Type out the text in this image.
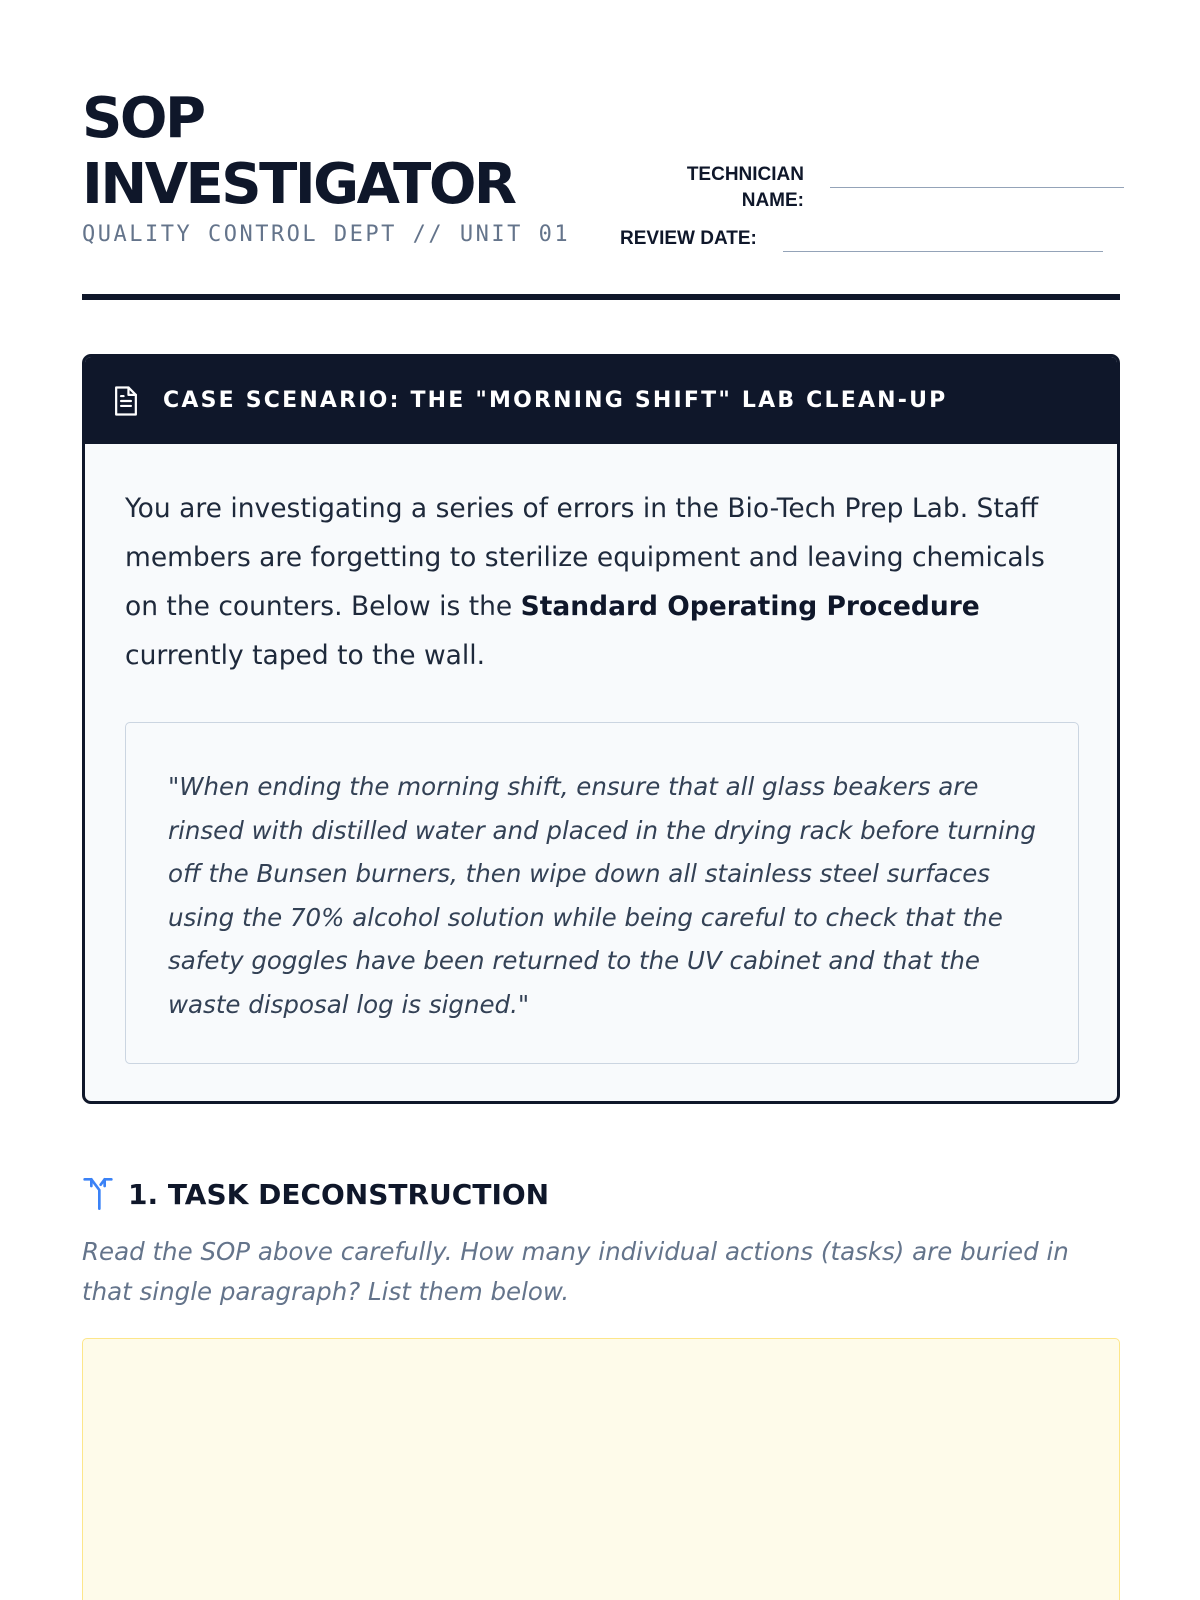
SOP
INVESTIGATOR
QUALITY CONTROL DEPT // UNIT 01
TECHNICIAN NAME:
REVIEW DATE:
CASE SCENARIO: THE "MORNING SHIFT" LAB CLEAN-UP

You are investigating a series of errors in the Bio-Tech Prep Lab. Staff members are forgetting to sterilize equipment and leaving chemicals on the counters. Below is the Standard Operating Procedure currently taped to the wall.

"When ending the morning shift, ensure that all glass beakers are rinsed with distilled water and placed in the drying rack before turning off the Bunsen burners, then wipe down all stainless steel surfaces using the 70% alcohol solution while being careful to check that the safety goggles have been returned to the UV cabinet and that the waste disposal log is signed."

1. TASK DECONSTRUCTION

Read the SOP above carefully. How many individual actions (tasks) are buried in that single paragraph? List them below.
